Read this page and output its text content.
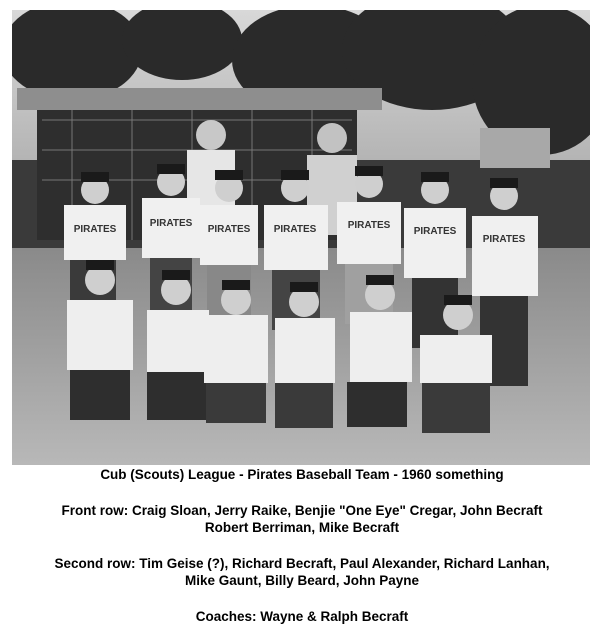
PIRATES
PIRATES
PIRATES PIRATES	PIRATES
PIRATES
PIRATES
Cub (Scouts) League - Pirates Baseball Team - 1960 something
Front row: Craig Sloan, Jerry Raike, Benjie "One Eye" Cregar, John Becraft
Robert Berriman, Mike Becraft
Second row: Tim Geise (?), Richard Becraft, Paul Alexander, Richard Lanhan,
Mike Gaunt, Billy Beard, John Payne
Coaches: Wayne & Ralph Becraft
